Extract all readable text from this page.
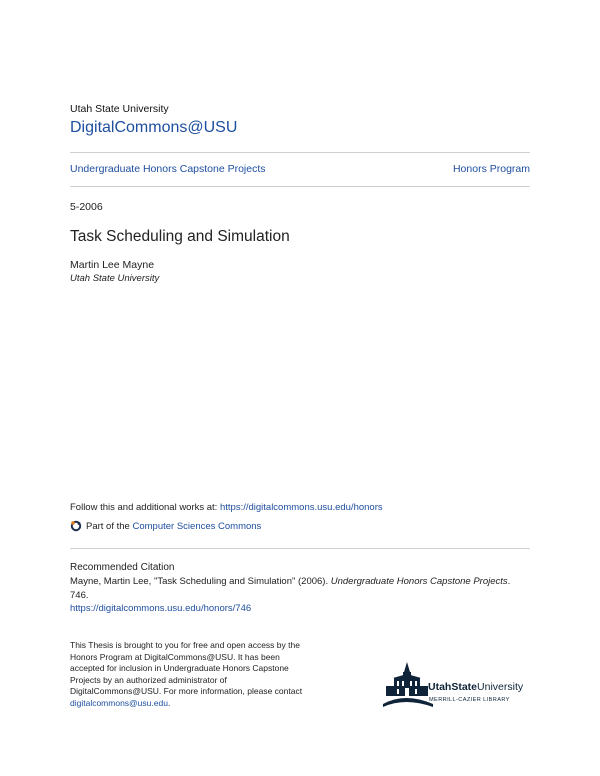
Utah State University
DigitalCommons@USU
Undergraduate Honors Capstone Projects	Honors Program
5-2006
Task Scheduling and Simulation
Martin Lee Mayne
Utah State University
Follow this and additional works at: https://digitalcommons.usu.edu/honors
Part of the
Computer Sciences Commons
Recommended Citation
Mayne, Martin Lee, "Task Scheduling and Simulation" (2006). Undergraduate Honors Capstone Projects. 746.
https://digitalcommons.usu.edu/honors/746
This Thesis is brought to you for free and open access by the Honors Program at DigitalCommons@USU. It has been accepted for inclusion in Undergraduate Honors Capstone Projects by an authorized administrator of DigitalCommons@USU. For more information, please contact digitalcommons@usu.edu.
UtahStateUniversity
MERRILL-CAZIER LIBRARY
